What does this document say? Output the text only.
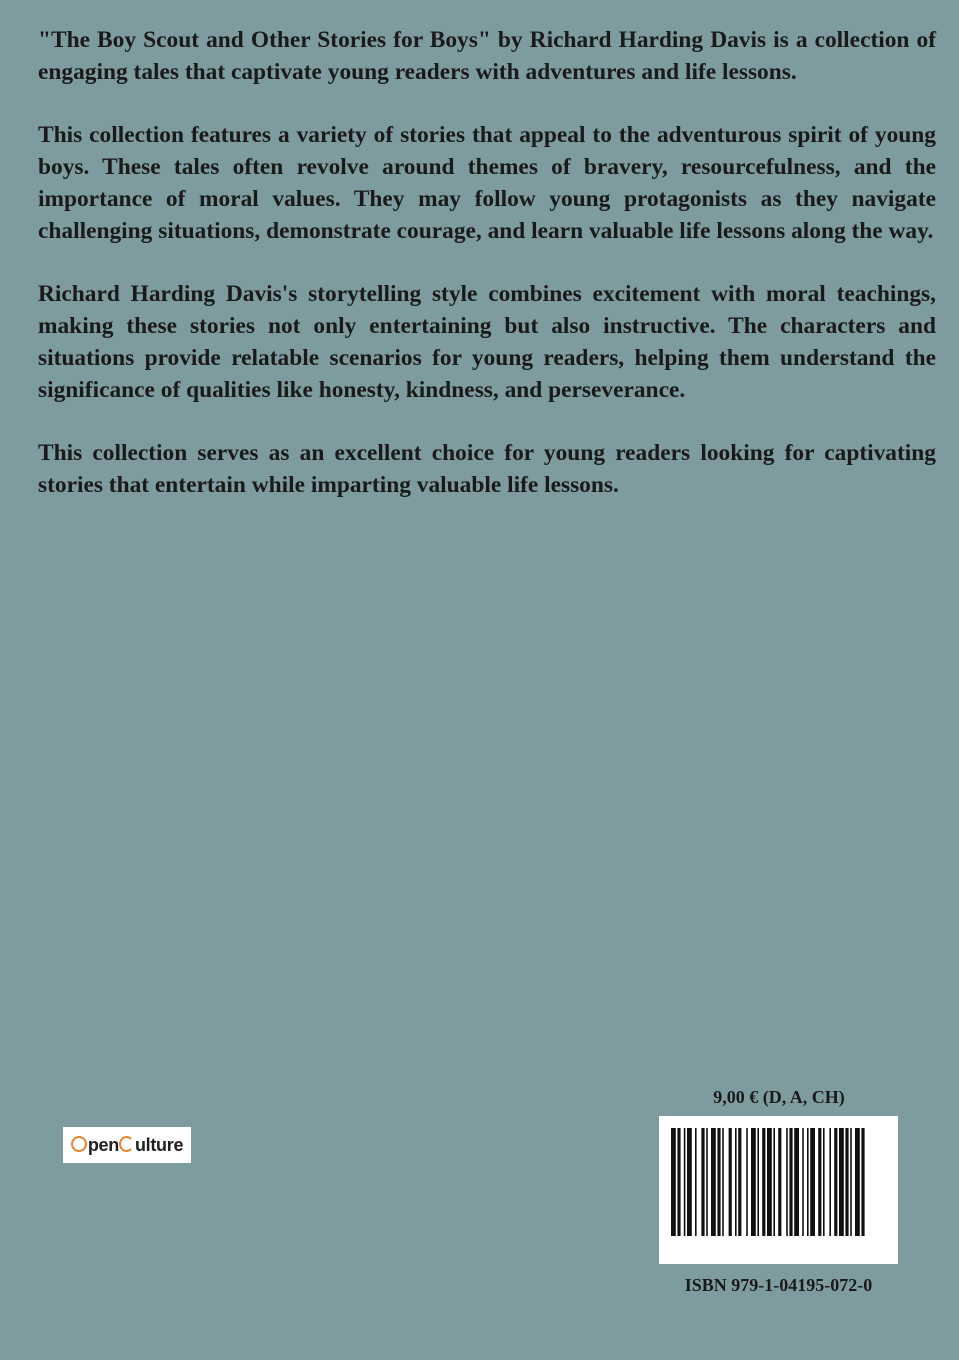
"The Boy Scout and Other Stories for Boys" by Richard Harding Davis is a collection of engaging tales that captivate young readers with adventures and life lessons.

This collection features a variety of stories that appeal to the adventurous spirit of young boys. These tales often revolve around themes of bravery, resourcefulness, and the importance of moral values. They may follow young protagonists as they navigate challenging situations, demonstrate courage, and learn valuable life lessons along the way.

Richard Harding Davis's storytelling style combines excitement with moral teachings, making these stories not only entertaining but also instructive. The characters and situations provide relatable scenarios for young readers, helping them understand the significance of qualities like honesty, kindness, and perseverance.

This collection serves as an excellent choice for young readers looking for captivating stories that entertain while imparting valuable life lessons.

pen ulture
9,00 € (D, A, CH)
ISBN 979-1-04195-072-0
